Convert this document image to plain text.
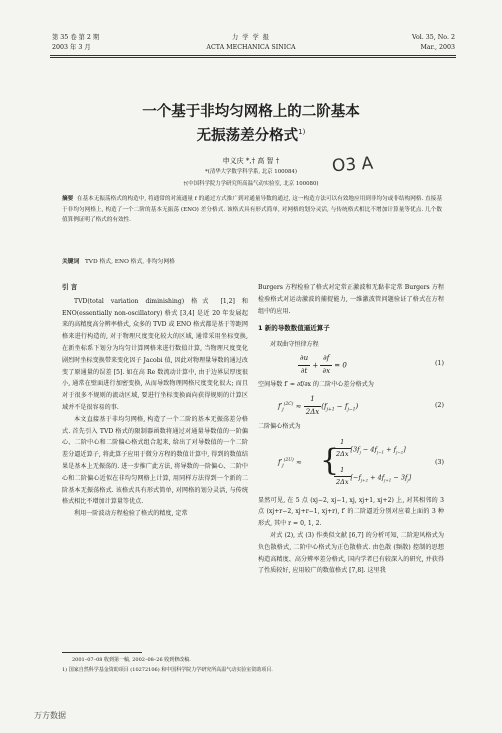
第 35 卷 第 2 期
2003 年 3 月
力 学 学 报
ACTA MECHANICA SINICA
Vol. 35, No. 2
Mar., 2003
一个基于非均匀网格上的二阶基本
无振荡差分格式$^{1)}$
申义庆 *,† 高 智 †	O3 A
*(清华大学数学科学系, 北京 100084)
†(中国科学院力学研究所高温气动实验室, 北京 100080)
摘要 在基本无振荡格式的构造中, 将通常的对流通量 f 的通过方式推广到对通量导数的通过, 这一构造方法可以有效地应用到非均匀或非结构网格. 直接基于非均匀网格上, 构造了一个二阶的基本无振荡 (ENO) 差分格式. 该格式具有形式简单, 对网格的划分灵活, 与传统格式相比不增加计算量等优点. 几个数值算例证明了格式的有效性.
关键词 TVD 格式, ENO 格式, 非均匀网格
引 言

TVD(total variation diminishing) 格式 [1,2] 和 ENO(essentially non-oscillatory) 格式 [3,4] 是近 20 年发展起来的高精度高分辨率格式, 众多的 TVD 或 ENO 格式都是基于等距网格来进行构造的, 对于物理尺度变化较大的区域, 通常采用坐标变换, 在新坐标系下划分为均匀计算网格来进行数值计算, 当物理尺度变化剧烈时坐标变换带来变化因子 Jacobi 值, 因此对物理量导数的通过改变了原通量的误差 [5]. 如在高 Re 数流动计算中, 由于边界层厚度很小, 通常在壁面进行加密变换, 从而导致物理网格尺度变化很大; 而且对于很多不规则的流动区域, 要进行坐标变换面向获得规则的计算区域并不是很容易的事.

本文直接基于非均匀网格, 构造了一个二阶的基本无振荡差分格式. 首先引入 TVD 格式的限制器函数将通过对通量导数值的一阶偏心、二阶中心和二阶偏心格式组合起来, 给出了对导数值的一个二阶差分逼近算子, 将此算子应用于微分方程的数值计算中, 得到的数值结果是基本上无振荡的. 进一步推广此方法, 将导数的一阶偏心、二阶中心和二阶偏心近似在非均匀网格上计算, 用同样方法得到一个新的二阶基本无振荡格式. 该格式具有形式简单, 对网格的划分灵活, 与传统格式相比不增加计算量等优点.

利用一阶波动方程检验了格式的精度, 定常

Burgers 方程检验了格式对定常正激波和无黏非定常 Burgers 方程检验格式对运动激波的捕捉能力, 一维激波管问题验证了格式在方程组中的应用.
1 新的导数数值逼近算子
对双曲守恒律方程
$\frac{\partial u}{\partial t} + \frac{\partial f}{\partial x} = 0$	(1)
空间导数 f′ = ∂f/∂x 的二阶中心差分格式为
$f'_j^{(2C)} \approx \frac{1}{2\Delta x} (f_{j+1} - f_{j-1})$	(2)
二阶偏心格式为
$f'_j^{(2U)}$ ≈ {
$\frac{1}{2\Delta x} [3f_j - 4f_{j-1} + f_{j-2}]$
$\frac{1}{2\Delta x} [-f_{j+2} + 4f_{j+1} - 3f_j]$
(3)
显然可见, 在 5 点 (xj−2, xj−1, xj, xj+1, xj+2) 上, 对其相邻的 3 点 (xj+r−2, xj+r−1, xj+r), f′ 的二阶逼近分别对应着上面的 3 种形式, 其中 r = 0, 1, 2.
对式 (2), 式 (3) 作类似文献 [6,7] 的分析可知, 二阶迎风格式为负色散格式, 二阶中心格式为正色散格式. 由色散 (频散) 控制的思想构造高精度、高分辨率差分格式, 国内学者已有较深入的研究, 并获得了性质较好, 应用较广的数值格式 [7,8]. 这里我
2001–07–08 收到第一稿, 2002–08–26 收到修改稿.
1) 国家自然科学基金资助项目 (10272106) 和中国科学院力学研究所高温气动实验室资助项目.
万方数据
